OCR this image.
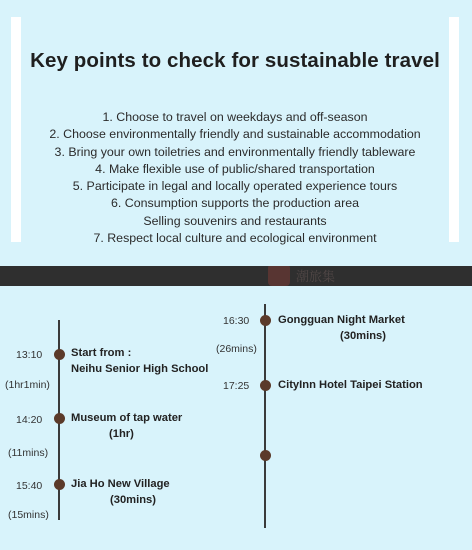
Key points to check for sustainable travel
1. Choose to travel on weekdays and off-season
2. Choose environmentally friendly and sustainable accommodation
3. Bring your own toiletries and environmentally friendly tableware
4. Make flexible use of public/shared transportation
5. Participate in legal and locally operated experience tours
6. Consumption supports the production area
Selling souvenirs and restaurants
7. Respect local culture and ecological environment
潮旅集
13:10	Start from :
Neihu Senior High School
(1hr1min)
14:20	Museum of tap water
(1hr)
(11mins)
15:40	Jia Ho New Village
(30mins)
(15mins)
16:30	Gongguan Night Market
(30mins)
(26mins)
17:25	CityInn Hotel Taipei Station
